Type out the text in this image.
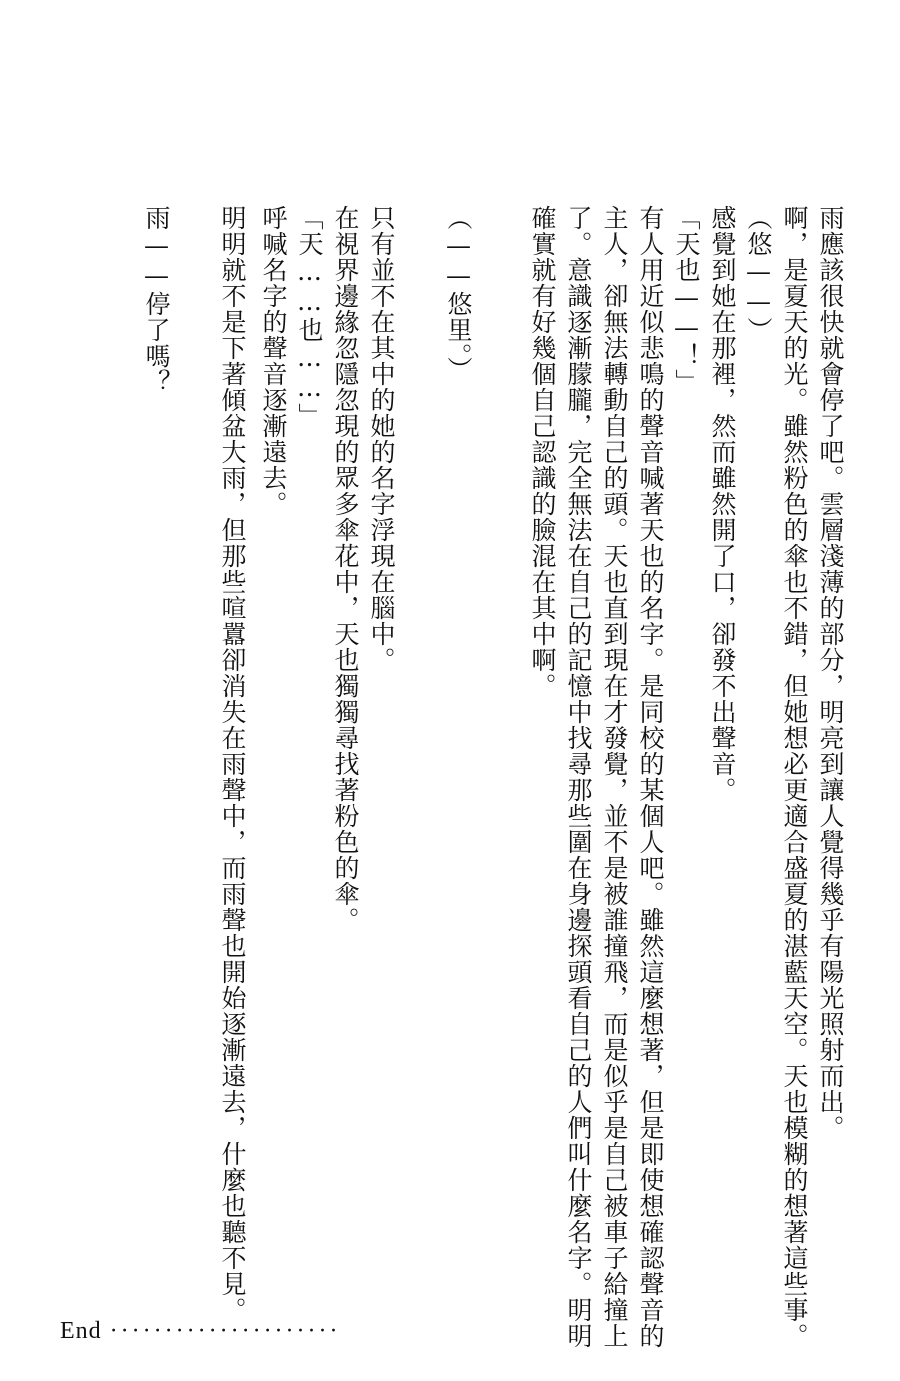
雨應該很快就會停了吧。雲層淺薄的部分，明亮到讓人覺得幾乎有陽光照射而出。
啊，是夏天的光。雖然粉色的傘也不錯，但她想必更適合盛夏的湛藍天空。天也模糊的想著這些事。
（悠——）
感覺到她在那裡，然而雖然開了口，卻發不出聲音。
「天也——！」
有人用近似悲鳴的聲音喊著天也的名字。是同校的某個人吧。雖然這麼想著，但是即使想確認聲音的
主人，卻無法轉動自己的頭。天也直到現在才發覺，並不是被誰撞飛，而是似乎是自己被車子給撞上
了。意識逐漸朦朧，完全無法在自己的記憶中找尋那些圍在身邊探頭看自己的人們叫什麼名字。明明
確實就有好幾個自己認識的臉混在其中啊。
（——悠里。）
只有並不在其中的她的名字浮現在腦中。
在視界邊緣忽隱忽現的眾多傘花中，天也獨獨尋找著粉色的傘。
「天……也……」
呼喊名字的聲音逐漸遠去。
明明就不是下著傾盆大雨，但那些喧囂卻消失在雨聲中，而雨聲也開始逐漸遠去，什麼也聽不見。
雨——停了嗎？
End ·····················
